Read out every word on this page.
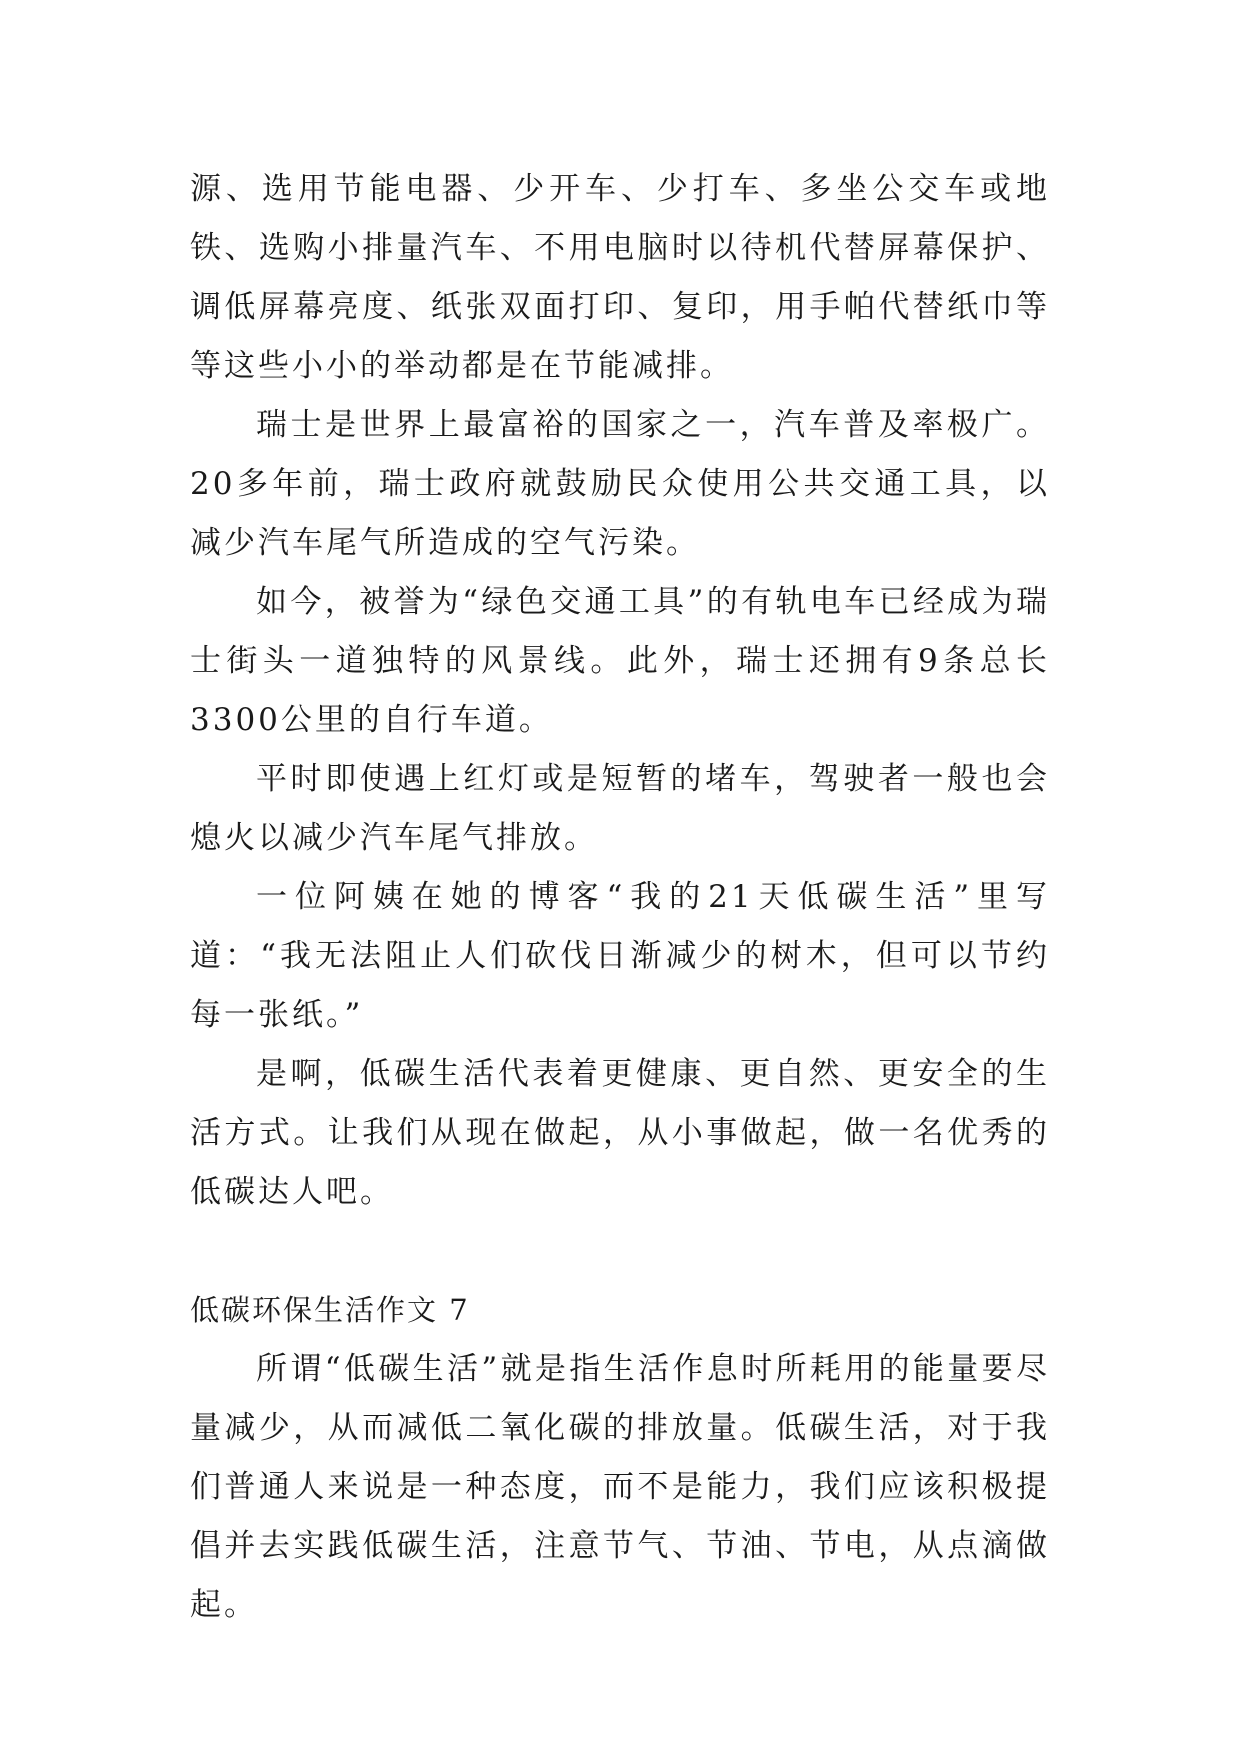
源、选用节能电器、少开车、少打车、多坐公交车或地铁、选购小排量汽车、不用电脑时以待机代替屏幕保护、调低屏幕亮度、纸张双面打印、复印，用手帕代替纸巾等等这些小小的举动都是在节能减排。

瑞士是世界上最富裕的国家之一，汽车普及率极广。20多年前，瑞士政府就鼓励民众使用公共交通工具，以减少汽车尾气所造成的空气污染。

如今，被誉为“绿色交通工具”的有轨电车已经成为瑞士街头一道独特的风景线。此外，瑞士还拥有9条总长3300公里的自行车道。

平时即使遇上红灯或是短暂的堵车，驾驶者一般也会熄火以减少汽车尾气排放。

一位阿姨在她的博客“我的21天低碳生活”里写道：“我无法阻止人们砍伐日渐减少的树木，但可以节约每一张纸。”

是啊，低碳生活代表着更健康、更自然、更安全的生活方式。让我们从现在做起，从小事做起，做一名优秀的低碳达人吧。

低碳环保生活作文 7

所谓“低碳生活”就是指生活作息时所耗用的能量要尽量减少，从而减低二氧化碳的排放量。低碳生活，对于我们普通人来说是一种态度，而不是能力，我们应该积极提倡并去实践低碳生活，注意节气、节油、节电，从点滴做起。
